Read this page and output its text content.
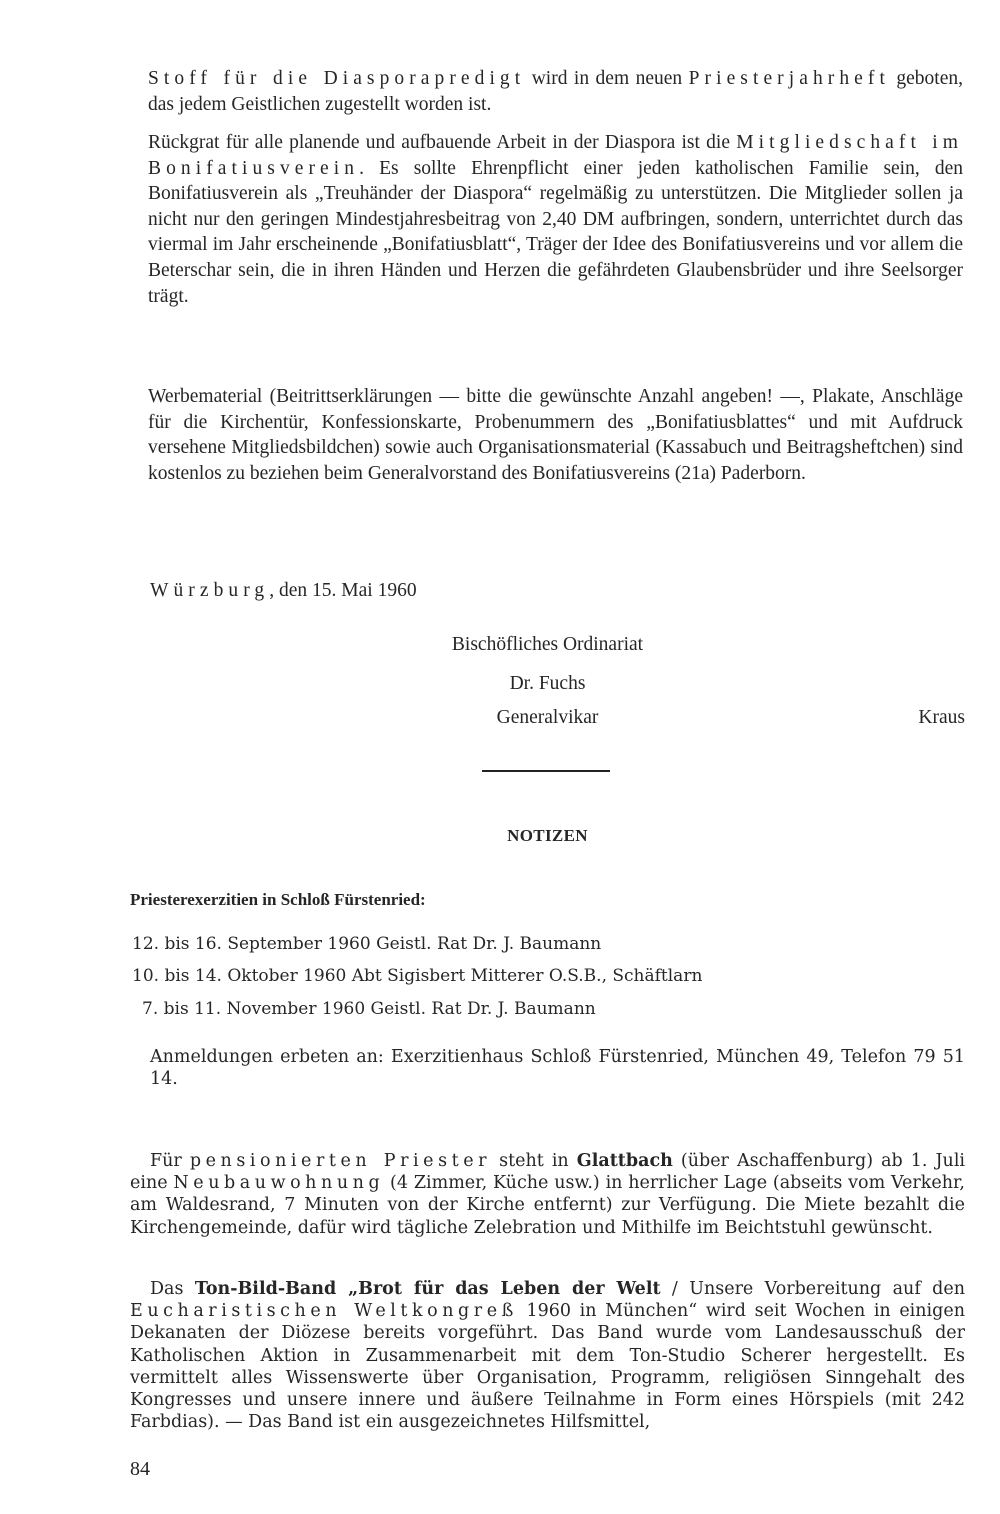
Stoff für die Diasporapredigt wird in dem neuen Priesterjahrheft geboten, das jedem Geistlichen zugestellt worden ist.
Rückgrat für alle planende und aufbauende Arbeit in der Diaspora ist die Mitgliedschaft im Bonifatiusverein. Es sollte Ehrenpflicht einer jeden katholischen Familie sein, den Bonifatiusverein als „Treuhänder der Diaspora“ regelmäßig zu unterstützen. Die Mitglieder sollen ja nicht nur den geringen Mindestjahresbeitrag von 2,40 DM aufbringen, sondern, unterrichtet durch das viermal im Jahr erscheinende „Bonifatiusblatt“, Träger der Idee des Bonifatiusvereins und vor allem die Beterschar sein, die in ihren Händen und Herzen die gefährdeten Glaubensbrüder und ihre Seelsorger trägt.
Werbematerial (Beitrittserklärungen — bitte die gewünschte Anzahl angeben! —, Plakate, Anschläge für die Kirchentür, Konfessionskarte, Probenummern des „Bonifatiusblattes“ und mit Aufdruck versehene Mitgliedsbildchen) sowie auch Organisationsmaterial (Kassabuch und Beitragsheftchen) sind kostenlos zu beziehen beim Generalvorstand des Bonifatiusvereins (21a) Paderborn.
Würzburg, den 15. Mai 1960
Bischöfliches Ordinariat
Dr. Fuchs
Generalvikar	Kraus
NOTIZEN
Priesterexerzitien in Schloß Fürstenried:
12. bis 16. September 1960 Geistl. Rat Dr. J. Baumann
10. bis 14. Oktober 1960 Abt Sigisbert Mitterer O.S.B., Schäftlarn
7. bis 11. November 1960 Geistl. Rat Dr. J. Baumann
Anmeldungen erbeten an: Exerzitienhaus Schloß Fürstenried, München 49, Telefon 79 51 14.
Für pensionierten Priester steht in Glattbach (über Aschaffenburg) ab 1. Juli eine Neubauwohnung (4 Zimmer, Küche usw.) in herrlicher Lage (abseits vom Verkehr, am Waldesrand, 7 Minuten von der Kirche entfernt) zur Verfügung. Die Miete bezahlt die Kirchengemeinde, dafür wird tägliche Zelebration und Mithilfe im Beichtstuhl gewünscht.
Das Ton-Bild-Band „Brot für das Leben der Welt / Unsere Vorbereitung auf den Eucharistischen Weltkongreß 1960 in München“ wird seit Wochen in einigen Dekanaten der Diözese bereits vorgeführt. Das Band wurde vom Landesausschuß der Katholischen Aktion in Zusammenarbeit mit dem Ton-Studio Scherer hergestellt. Es vermittelt alles Wissenswerte über Organisation, Programm, religiösen Sinngehalt des Kongresses und unsere innere und äußere Teilnahme in Form eines Hörspiels (mit 242 Farbdias). — Das Band ist ein ausgezeichnetes Hilfsmittel,
84
